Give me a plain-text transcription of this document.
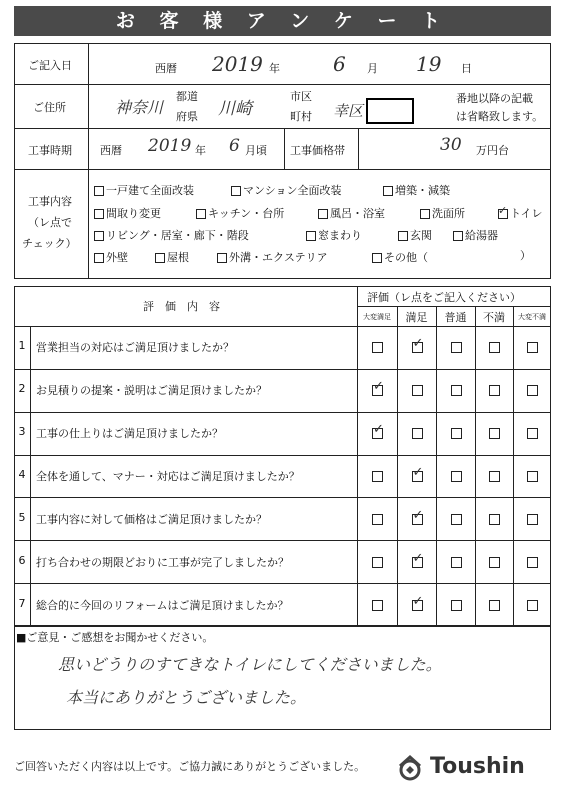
お 客 様 ア ン ケ ー ト
ご記入日	西暦 2019 年	6 月 19 日
ご住所	神奈川
都道
府県 川崎
市区
町村 幸区
番地以降の記載
は省略致します。
工事時期	西暦 2019 年 6 月頃 工事価格帯	30 万円台
工事内容
（レ点で
チェック）
一戸建て全面改装	マンション全面改装	増築・減築
間取り変更	キッチン・台所	風呂・浴室	洗面所
✓	トイレ
リビング・居室・廊下・階段	窓まわり	玄関	給湯器
外壁	屋根	外溝・エクステリア	その他（	）
評　価　内　容
評価（レ点をご記入ください）
大変満足	満足	普通	不満	大変不満
1 営業担当の対応はご満足頂けましたか？
✓
2 お見積りの提案・説明はご満足頂けましたか？
✓
3 工事の仕上りはご満足頂けましたか？
✓
4 全体を通して、マナー・対応はご満足頂けましたか？
✓
5 工事内容に対して価格はご満足頂けましたか？
✓
6 打ち合わせの期限どおりに工事が完了しましたか？
✓
7 総合的に今回のリフォームはご満足頂けましたか？
✓
■ご意見・ご感想をお聞かせください。
思いどうりのすてきなトイレにしてくださいました。
本当にありがとうございました。
ご回答いただく内容は以上です。ご協力誠にありがとうございました。	Toushin
